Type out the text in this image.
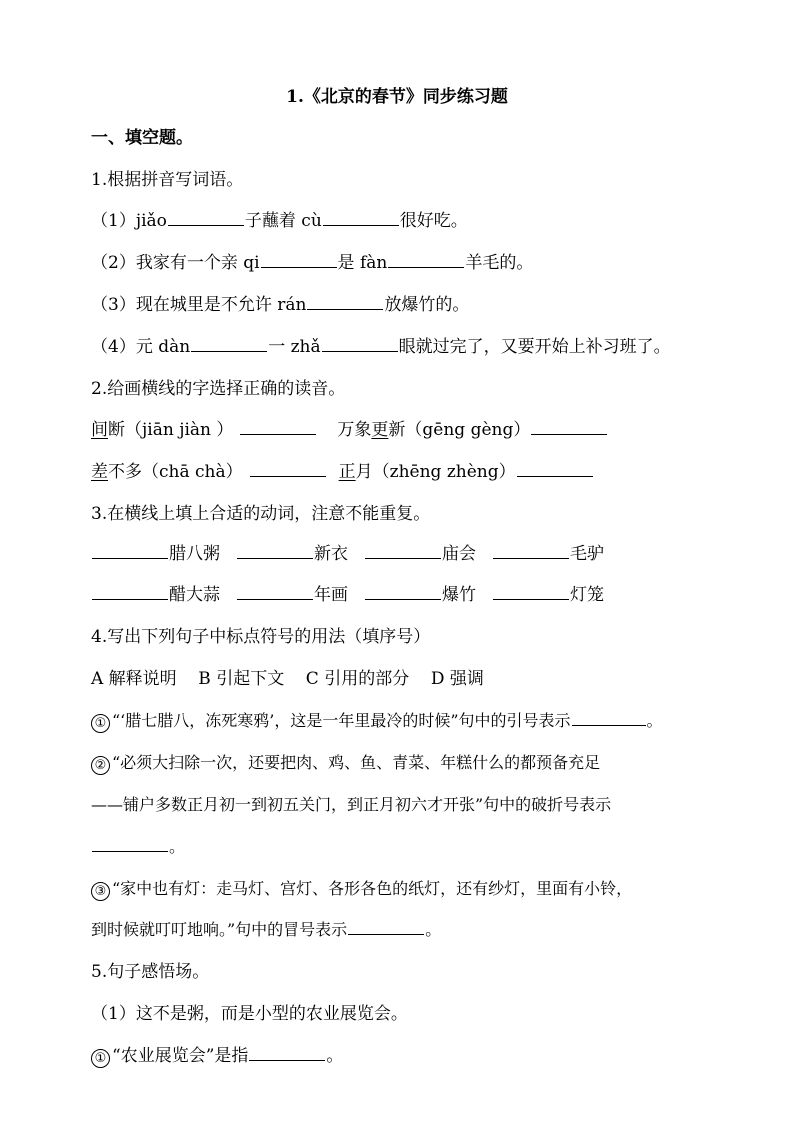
1.《北京的春节》同步练习题
一、填空题。
1.根据拼音写词语。
（1）jiǎo	子蘸着 cù	很好吃。
（2）我家有一个亲 qi	是 fàn	羊毛的。
（3）现在城里是不允许 rán	放爆竹的。
（4）元 dàn	一 zhǎ	眼就过完了，又要开始上补习班了。
2.给画横线的字选择正确的读音。
间断（jiān jiàn ）	万象更新（gēng gèng）
差不多（chā chà）	正月（zhēng zhèng）
3.在横线上填上合适的动词，注意不能重复。
腊八粥	新衣	庙会	毛驴
醋大蒜	年画	爆竹	灯笼
4.写出下列句子中标点符号的用法（填序号）
A 解释说明    B 引起下文    C 引用的部分    D 强调
① “‘腊七腊八，冻死寒鸦’，这是一年里最冷的时候”句中的引号表示	。
② “必须大扫除一次，还要把肉、鸡、鱼、青菜、年糕什么的都预备充足
——铺户多数正月初一到初五关门，到正月初六才开张”句中的破折号表示
。
③ “家中也有灯：走马灯、宫灯、各形各色的纸灯，还有纱灯，里面有小铃，
到时候就叮叮地响。”句中的冒号表示	。
5.句子感悟场。
（1）这不是粥，而是小型的农业展览会。
① “农业展览会”是指	。
